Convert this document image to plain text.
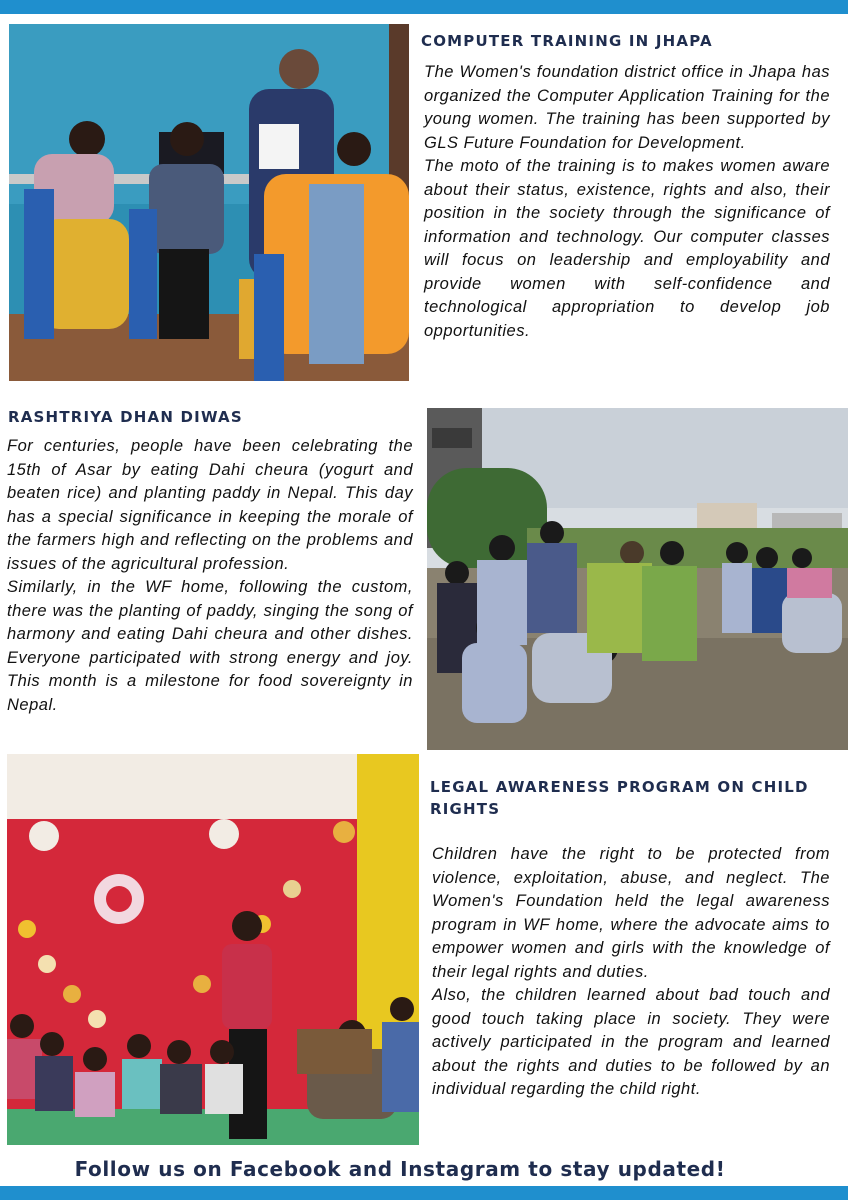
COMPUTER TRAINING IN JHAPA

The Women's foundation district office in Jhapa has organized the Computer Application Training for the young women. The training has been supported by GLS Future Foundation for Development.

The moto of the training is to makes women aware about their status, existence, rights and also, their position in the society through the significance of information and technology. Our computer classes will focus on leadership and employability and provide women with self-confidence and technological appropriation to develop job opportunities.

RASHTRIYA DHAN DIWAS

For centuries, people have been celebrating the 15th of Asar by eating Dahi cheura (yogurt and beaten rice) and planting paddy in Nepal. This day has a special significance in keeping the morale of the farmers high and reflecting on the problems and issues of the agricultural profession.

Similarly, in the WF home, following the custom, there was the planting of paddy, singing the song of harmony and eating Dahi cheura and other dishes. Everyone participated with strong energy and joy. This month is a milestone for food sovereignty in Nepal.

LEGAL AWARENESS PROGRAM ON CHILD RIGHTS

Children have the right to be protected from violence, exploitation, abuse, and neglect. The Women's Foundation held the legal awareness program in WF home, where the advocate aims to empower women and girls with the knowledge of their legal rights and duties.

Also, the children learned about bad touch and good touch taking place in society. They were actively participated in the program and learned about the rights and duties to be followed by an individual regarding the child right.

Follow us on Facebook and Instagram to stay updated!
